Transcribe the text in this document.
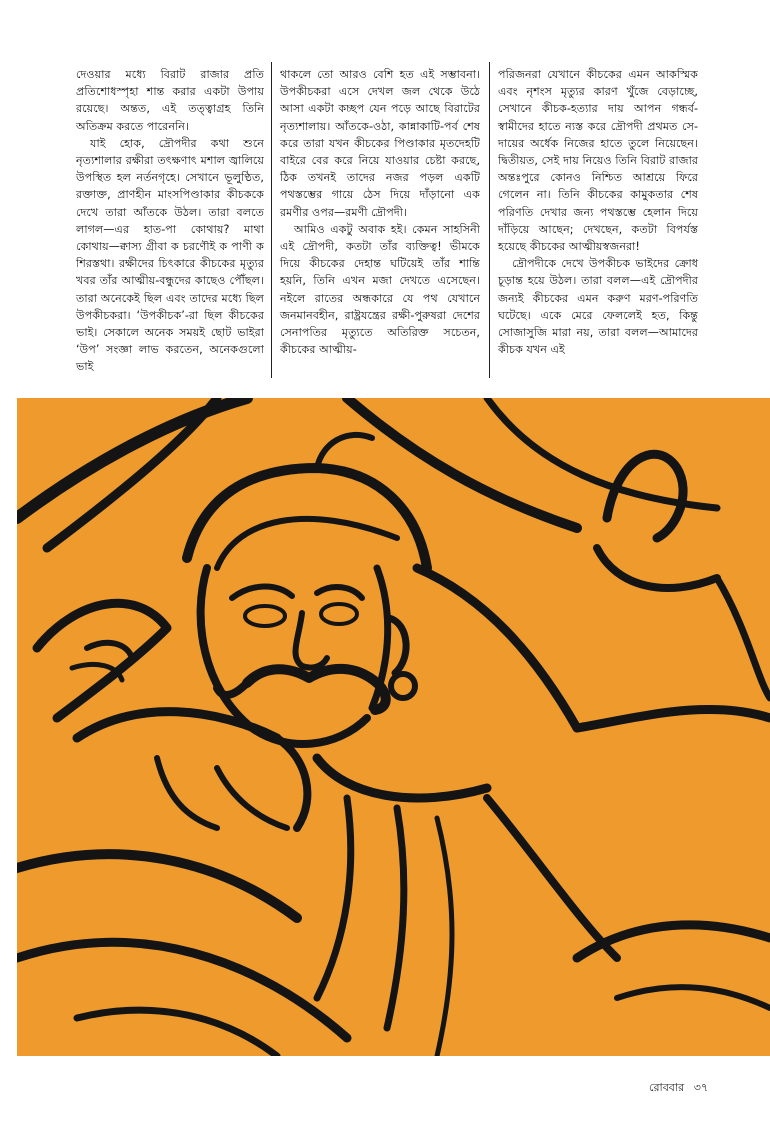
দেওয়ার মধ্যে বিরাট রাজার প্রতি প্রতিশোধস্পৃহা শান্ত করার একটা উপায় রয়েছে। অন্তত, এই তত্ত্বাগ্রহ তিনি অতিক্রম করতে পারেননি।

যাই হোক, দ্রৌপদীর কথা শুনে নৃত্যশালার রক্ষীরা তৎক্ষণাৎ মশাল জ্বালিয়ে উপস্থিত হল নর্তনগৃহে। সেখানে ভূলুণ্ঠিত, রক্তাক্ত, প্রাণহীন মাংসপিণ্ডাকার কীচককে দেখে তারা আঁতকে উঠল। তারা বলতে লাগল—এর হাত-পা কোথায়? মাথা কোথায়—ক্বাস্য গ্রীবা ক চরণৌই ক পাণী ক শিরস্তথা। রক্ষীদের চিৎকারে কীচকের মৃত্যুর খবর তাঁর আত্মীয়-বন্ধুদের কাছেও পৌঁছল। তারা অনেকেই ছিল এবং তাদের মধ্যে ছিল উপকীচকরা। ‘উপকীচক’-রা ছিল কীচকের ভাই। সেকালে অনেক সময়ই ছোট ভাইরা ‘উপ’ সংজ্ঞা লাভ করতেন, অনেকগুলো ভাই

থাকলে তো আরও বেশি হত এই সম্ভাবনা। উপকীচকরা এসে দেখল জল থেকে উঠে আসা একটা কচ্ছপ যেন পড়ে আছে বিরাটের নৃত্যশালায়। আঁতকে-ওঠা, কান্নাকাটি-পর্ব শেষ করে তারা যখন কীচকের পিণ্ডাকার মৃতদেহটি বাইরে বের করে নিয়ে যাওয়ার চেষ্টা করছে, ঠিক তখনই তাদের নজর পড়ল একটি পথস্তম্ভের গায়ে ঠেস দিয়ে দাঁড়ানো এক রমণীর ওপর—রমণী দ্রৌপদী।

আমিও একটু অবাক হই। কেমন সাহসিনী এই দ্রৌপদী, কতটা তাঁর ব্যক্তিত্ব! ভীমকে দিয়ে কীচকের দেহান্ত ঘটিয়েই তাঁর শান্তি হয়নি, তিনি এখন মজা দেখতে এসেছেন। নইলে রাতের অন্ধকারে যে পথ যেখানে জনমানবহীন, রাষ্ট্রযন্ত্রের রক্ষী-পুরুষরা দেশের সেনাপতির মৃত্যুতে অতিরিক্ত সচেতন, কীচকের আত্মীয়-

পরিজনরা যেখানে কীচকের এমন আকস্মিক এবং নৃশংস মৃত্যুর কারণ খুঁজে বেড়াচ্ছে, সেখানে কীচক-হত্যার দায় আপন গন্ধর্ব-স্বামীদের হাতে ন্যস্ত করে দ্রৌপদী প্রথমত সে-দায়ের অর্ধেক নিজের হাতে তুলে নিয়েছেন। দ্বিতীয়ত, সেই দায় নিয়েও তিনি বিরাট রাজার অন্তঃপুরে কোনও নিশ্চিত আশ্রয়ে ফিরে গেলেন না। তিনি কীচকের কামুকতার শেষ পরিণতি দেখার জন্য পথস্তম্ভে হেলান দিয়ে দাঁড়িয়ে আছেন; দেখছেন, কতটা বিপর্যস্ত হয়েছে কীচকের আত্মীয়স্বজনরা!

দ্রৌপদীকে দেখে উপকীচক ভাইদের ক্রোধ চূড়ান্ত হয়ে উঠল। তারা বলল—এই দ্রৌপদীর জন্যই কীচকের এমন করুণ মরণ-পরিণতি ঘটেছে। একে মেরে ফেললেই হত, কিন্তু সোজাসুজি মারা নয়, তারা বলল—আমাদের কীচক যখন এই

রোববার ৩৭
